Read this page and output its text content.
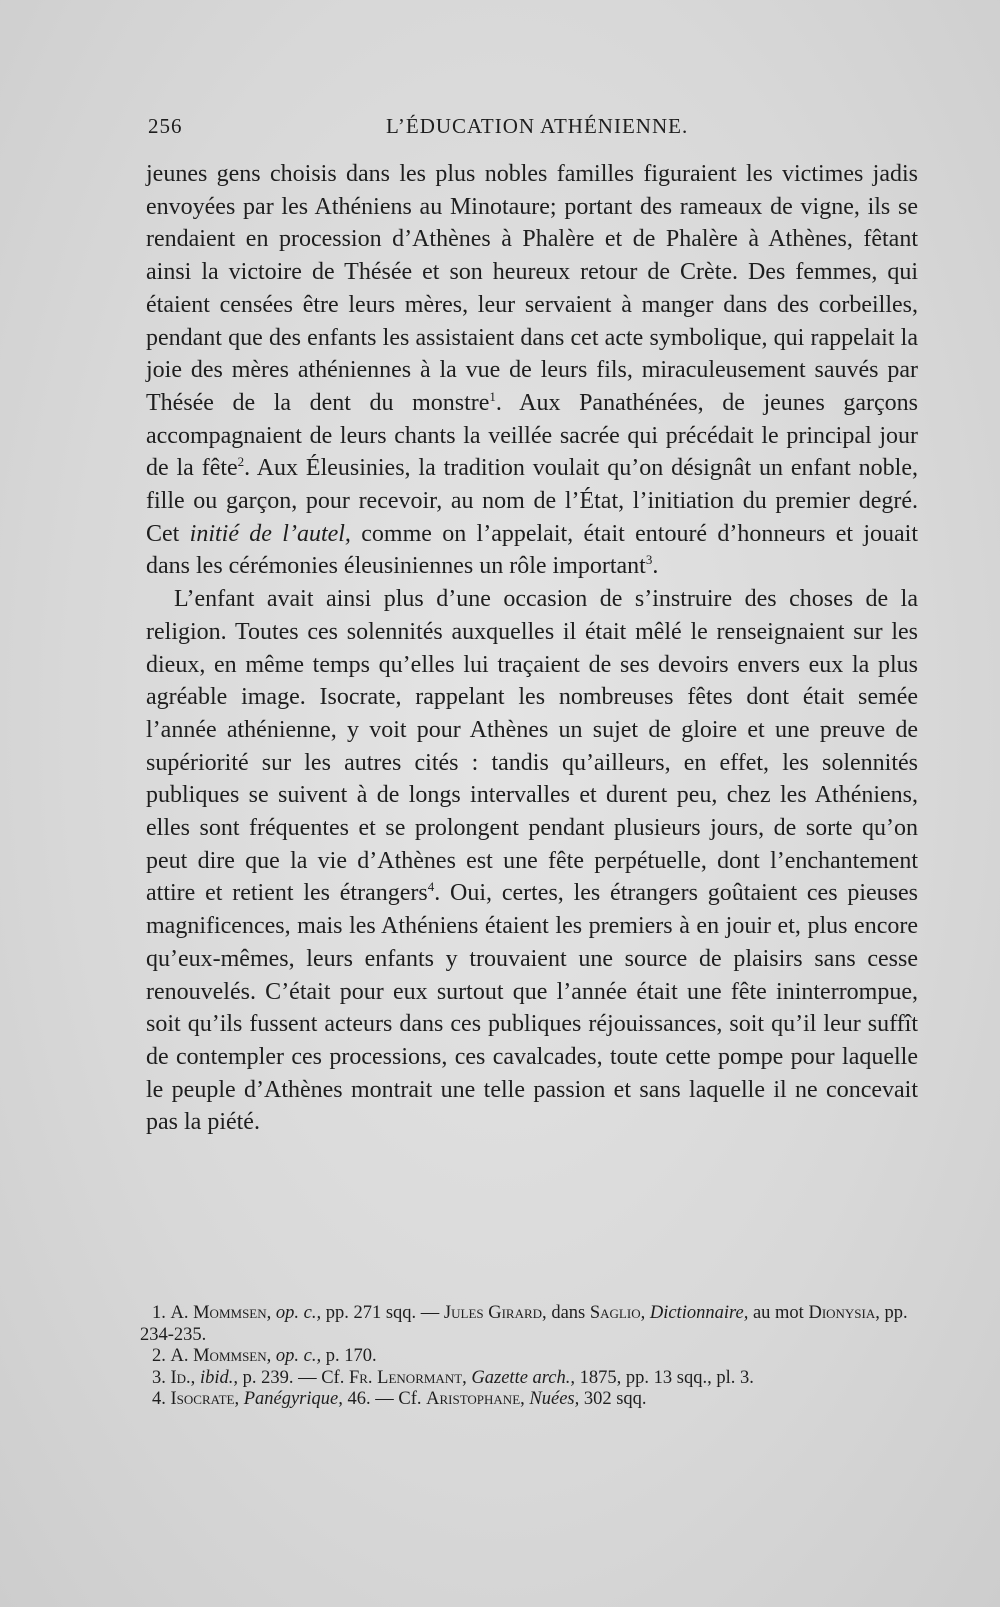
256	L’ÉDUCATION ATHÉNIENNE.

jeunes gens choisis dans les plus nobles familles figuraient les victimes jadis envoyées par les Athéniens au Minotaure; portant des rameaux de vigne, ils se rendaient en procession d’Athènes à Phalère et de Phalère à Athènes, fêtant ainsi la victoire de Thésée et son heureux retour de Crète. Des femmes, qui étaient censées être leurs mères, leur servaient à manger dans des corbeilles, pendant que des enfants les assistaient dans cet acte symbolique, qui rappelait la joie des mères athéniennes à la vue de leurs fils, miraculeusement sauvés par Thésée de la dent du monstre$^1$. Aux Panathénées, de jeunes garçons accompagnaient de leurs chants la veillée sacrée qui précédait le principal jour de la fête$^2$. Aux Éleusinies, la tradition voulait qu’on désignât un enfant noble, fille ou garçon, pour recevoir, au nom de l’État, l’initiation du premier degré. Cet initié de l’autel, comme on l’appelait, était entouré d’honneurs et jouait dans les cérémonies éleusiniennes un rôle important$^3$.

L’enfant avait ainsi plus d’une occasion de s’instruire des choses de la religion. Toutes ces solennités auxquelles il était mêlé le renseignaient sur les dieux, en même temps qu’elles lui traçaient de ses devoirs envers eux la plus agréable image. Isocrate, rappelant les nombreuses fêtes dont était semée l’année athénienne, y voit pour Athènes un sujet de gloire et une preuve de supériorité sur les autres cités : tandis qu’ailleurs, en effet, les solennités publiques se suivent à de longs intervalles et durent peu, chez les Athéniens, elles sont fréquentes et se prolongent pendant plusieurs jours, de sorte qu’on peut dire que la vie d’Athènes est une fête perpétuelle, dont l’enchantement attire et retient les étrangers$^4$. Oui, certes, les étrangers goûtaient ces pieuses magnificences, mais les Athéniens étaient les premiers à en jouir et, plus encore qu’eux-mêmes, leurs enfants y trouvaient une source de plaisirs sans cesse renouvelés. C’était pour eux surtout que l’année était une fête ininterrompue, soit qu’ils fussent acteurs dans ces publiques réjouissances, soit qu’il leur suffît de contempler ces processions, ces cavalcades, toute cette pompe pour laquelle le peuple d’Athènes montrait une telle passion et sans laquelle il ne concevait pas la piété.

1. A. Mommsen, op. c., pp. 271 sqq. — Jules Girard, dans Saglio, Dictionnaire, au mot Dionysia, pp. 234-235.

2. A. Mommsen, op. c., p. 170.

3. Id., ibid., p. 239. — Cf. Fr. Lenormant, Gazette arch., 1875, pp. 13 sqq., pl. 3.

4. Isocrate, Panégyrique, 46. — Cf. Aristophane, Nuées, 302 sqq.
